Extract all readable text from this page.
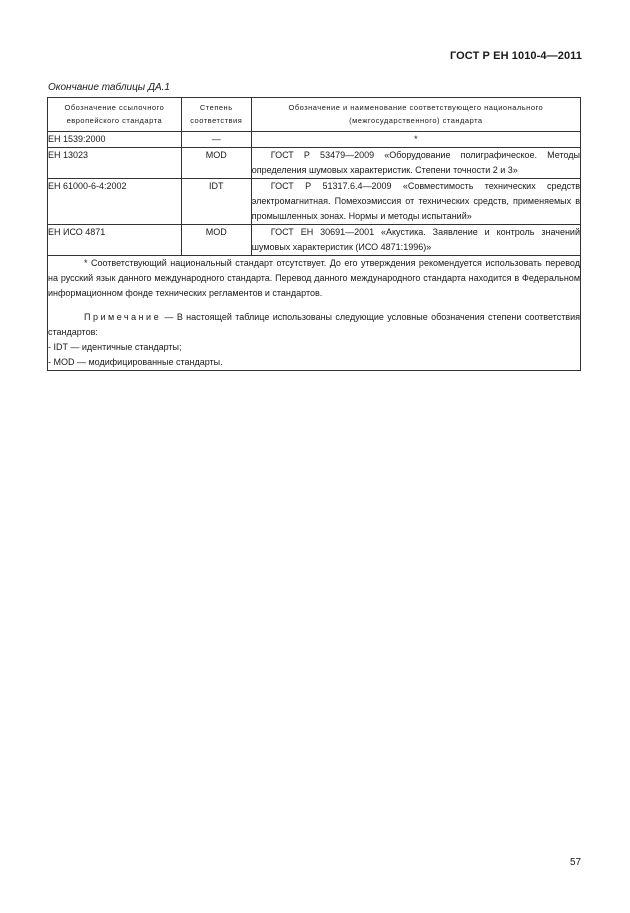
ГОСТ Р ЕН 1010-4—2011
Окончание таблицы ДА.1
Обозначение ссылочного европейского стандарта	Степень соответствия	Обозначение и наименование соответствующего национального (межгосударственного) стандарта
ЕН 1539:2000	—	*
ЕН 13023	MOD	ГОСТ Р 53479—2009 «Оборудование полиграфическое. Методы определения шумовых характеристик. Степени точности 2 и 3»

ЕН 61000-6-4:2002	IDT	ГОСТ Р 51317.6.4—2009 «Совместимость технических средств электромагнитная. Помехоэмиссия от технических средств, применяемых в промышленных зонах. Нормы и методы испытаний»

ЕН ИСО 4871	MOD	ГОСТ ЕН 30691—2001 «Акустика. Заявление и контроль значений шумовых характеристик (ИСО 4871:1996)»

* Соответствующий национальный стандарт отсутствует. До его утверждения рекомендуется использовать перевод на русский язык данного международного стандарта. Перевод данного международного стандарта находится в Федеральном информационном фонде технических регламентов и стандартов.
Примечание — В настоящей таблице использованы следующие условные обозначения степени соответствия стандартов:
- IDT — идентичные стандарты;
- MOD — модифицированные стандарты.		
57
